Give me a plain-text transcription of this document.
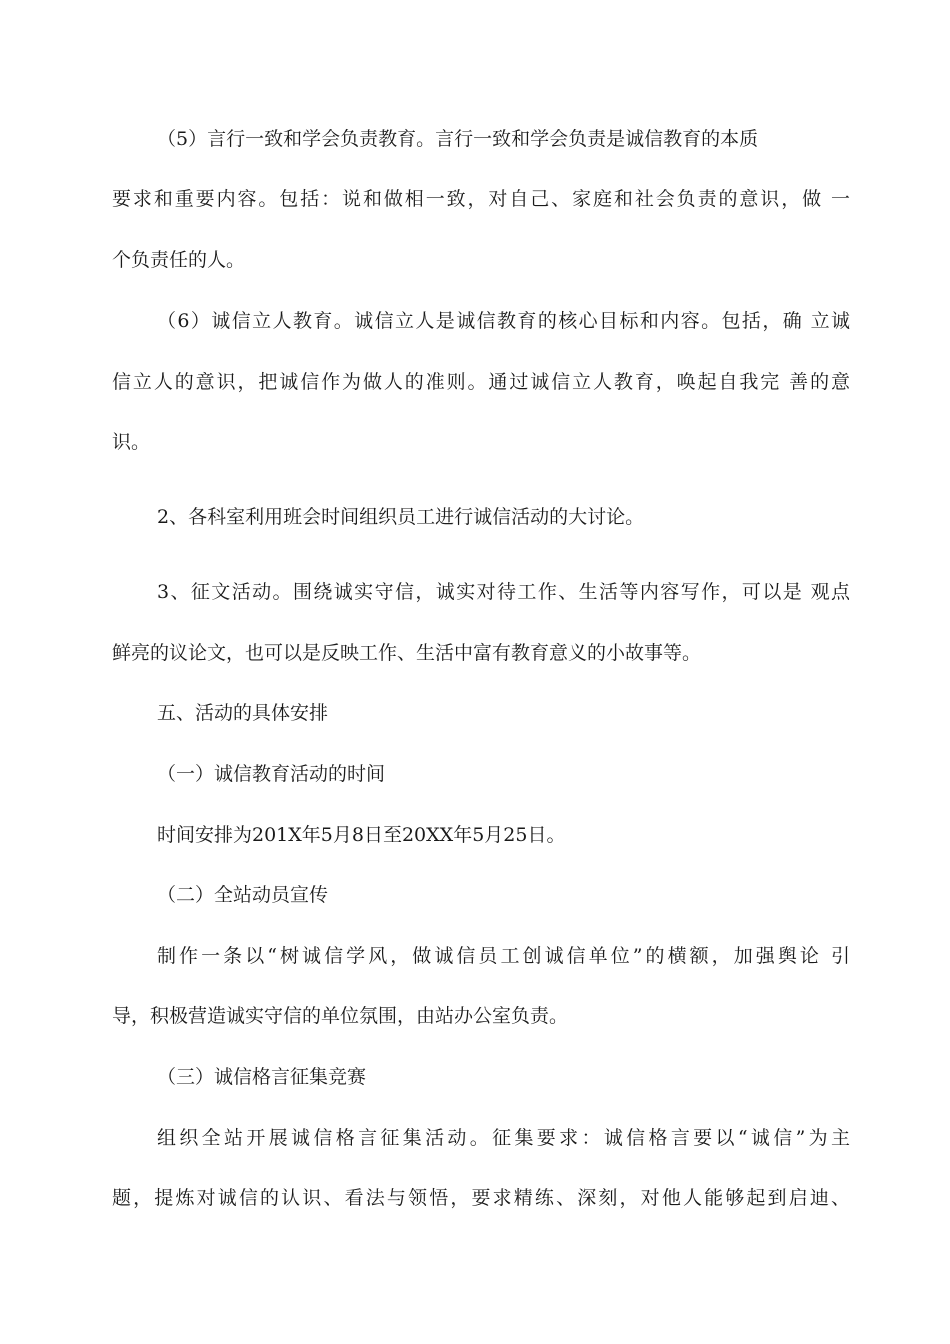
（5）言行一致和学会负责教育。言行一致和学会负责是诚信教育的本质
要求和重要内容。包括：说和做相一致，对自己、家庭和社会负责的意识，做 一
个负责任的人。
（6）诚信立人教育。诚信立人是诚信教育的核心目标和内容。包括，确 立诚
信立人的意识，把诚信作为做人的准则。通过诚信立人教育，唤起自我完 善的意
识。
2、各科室利用班会时间组织员工进行诚信活动的大讨论。
3、征文活动。围绕诚实守信，诚实对待工作、生活等内容写作，可以是 观点
鲜亮的议论文，也可以是反映工作、生活中富有教育意义的小故事等。
五、活动的具体安排
（一）诚信教育活动的时间
时间安排为201X年5月8日至20XX年5月25日。
（二）全站动员宣传
制作一条以“树诚信学风，做诚信员工创诚信单位”的横额，加强舆论 引
导，积极营造诚实守信的单位氛围，由站办公室负责。
（三）诚信格言征集竞赛
组织全站开展诚信格言征集活动。征集要求：诚信格言要以“诚信”为主
题，提炼对诚信的认识、看法与领悟，要求精练、深刻，对他人能够起到启迪、
